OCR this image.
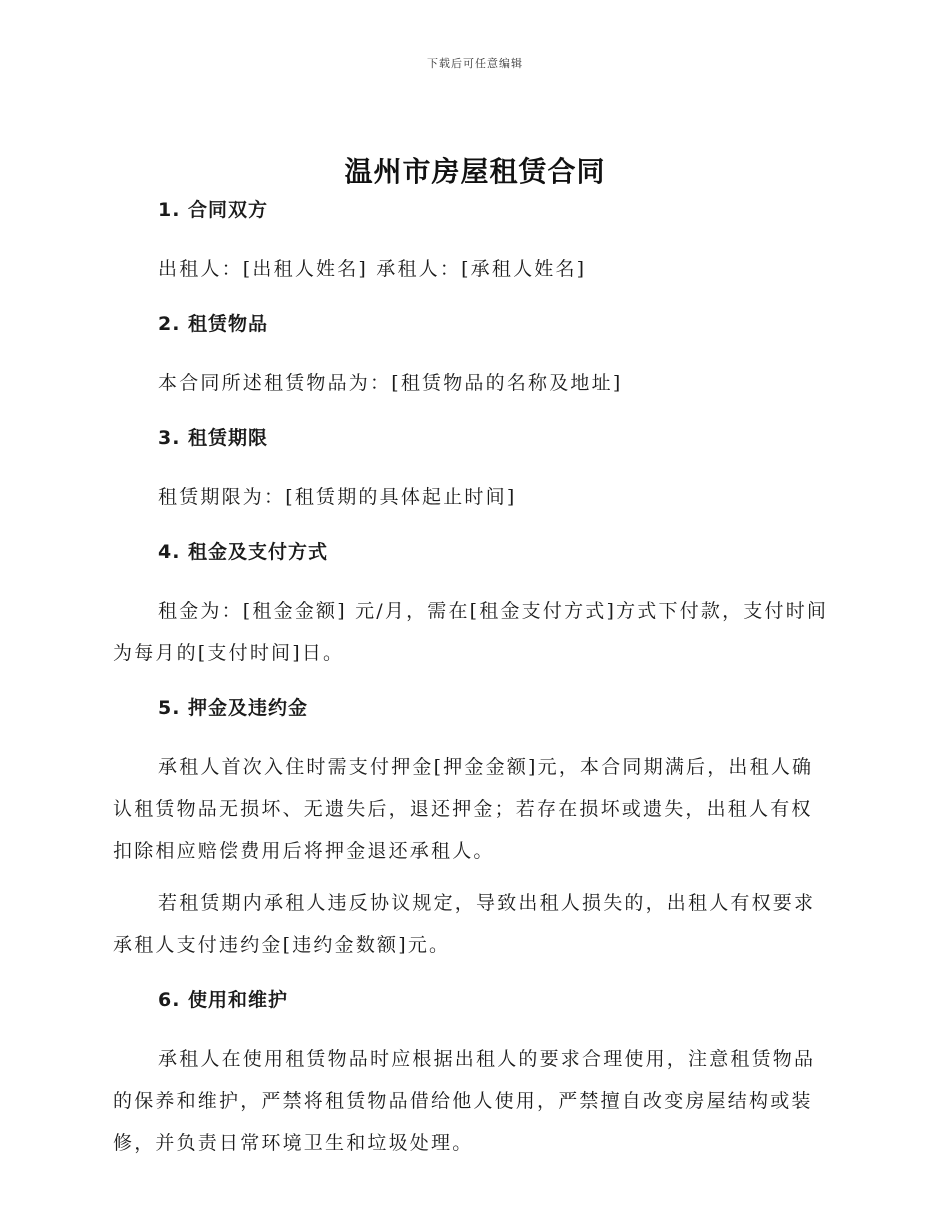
下载后可任意编辑
温州市房屋租赁合同
1. 合同双方

出租人：[出租人姓名] 承租人：[承租人姓名]

2. 租赁物品

本合同所述租赁物品为：[租赁物品的名称及地址]

3. 租赁期限

租赁期限为：[租赁期的具体起止时间]

4. 租金及支付方式

租金为：[租金金额] 元/月，需在[租金支付方式]方式下付款，支付时间为每月的[支付时间]日。

5. 押金及违约金

承租人首次入住时需支付押金[押金金额]元，本合同期满后，出租人确认租赁物品无损坏、无遗失后，退还押金；若存在损坏或遗失，出租人有权扣除相应赔偿费用后将押金退还承租人。

若租赁期内承租人违反协议规定，导致出租人损失的，出租人有权要求承租人支付违约金[违约金数额]元。

6. 使用和维护

承租人在使用租赁物品时应根据出租人的要求合理使用，注意租赁物品的保养和维护，严禁将租赁物品借给他人使用，严禁擅自改变房屋结构或装修，并负责日常环境卫生和垃圾处理。
